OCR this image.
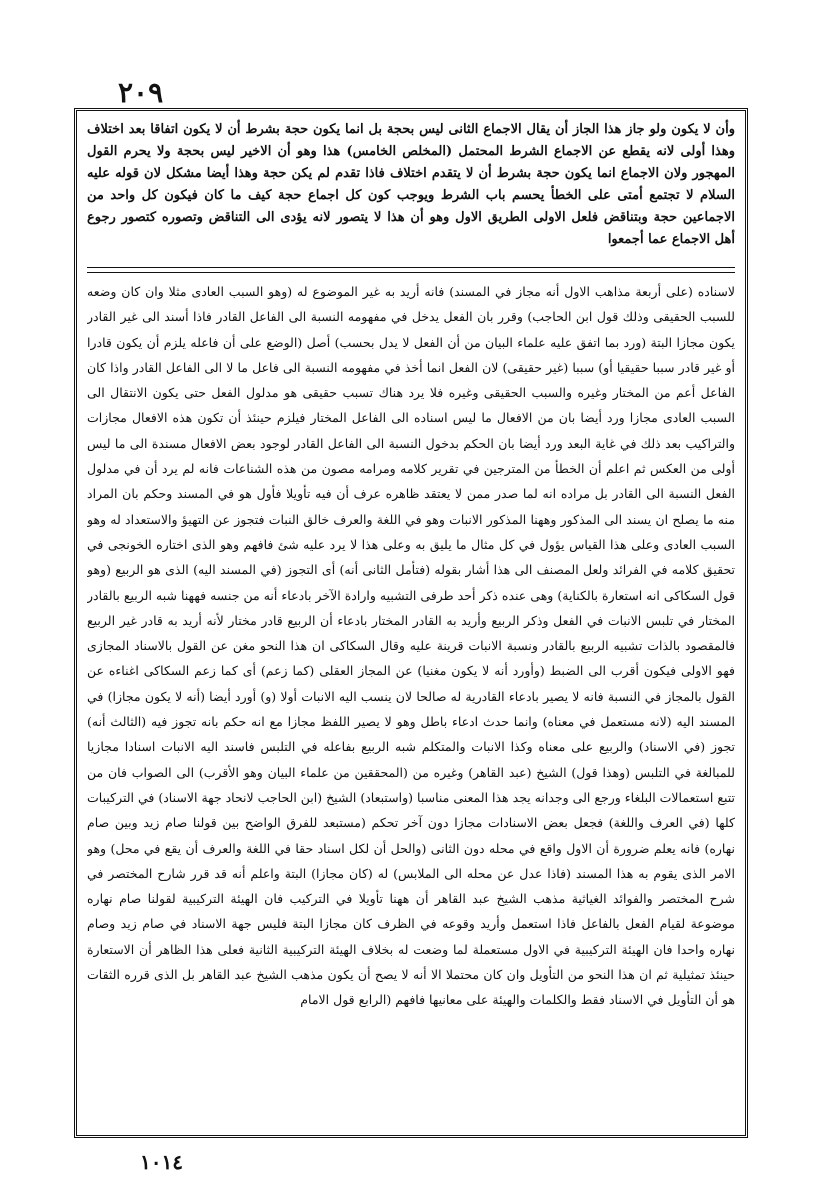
٢٠٩
وأن لا يكون ولو جاز هذا الجاز أن يقال الاجماع الثانى ليس بحجة بل انما يكون حجة بشرط أن لا يكون اتفاقا بعد اختلاف وهذا أولى لانه يقطع عن الاجماع الشرط المحتمل (المخلص الخامس) هذا وهو أن الاخير ليس بحجة ولا يحرم القول المهجور ولان الاجماع انما يكون حجة بشرط أن لا يتقدم اختلاف فاذا تقدم لم يكن حجة وهذا أيضا مشكل لان قوله عليه السلام لا تجتمع أمتى على الخطأ يحسم باب الشرط ويوجب كون كل اجماع حجة كيف ما كان فيكون كل واحد من الاجماعين حجة وبتناقض فلعل الاولى الطريق الاول وهو أن هذا لا يتصور لانه يؤدى الى التناقض وتصوره كتصور رجوع أهل الاجماع عما أجمعوا
لاسناده (على أربعة مذاهب الاول أنه مجاز في المسند) فانه أريد به غير الموضوع له (وهو السبب العادى مثلا وان كان وضعه للسبب الحقيقى وذلك قول ابن الحاجب) وقرر بان الفعل يدخل في مفهومه النسبة الى الفاعل القادر فاذا أسند الى غير القادر يكون مجازا البتة (ورد بما اتفق عليه علماء البيان من أن الفعل لا يدل بحسب) أصل (الوضع على أن فاعله يلزم أن يكون قادرا أو غير قادر سببا حقيقيا أو) سببا (غير حقيقى) لان الفعل انما أخذ في مفهومه النسبة الى فاعل ما لا الى الفاعل القادر واذا كان الفاعل أعم من المختار وغيره والسبب الحقيقى وغيره فلا يرد هناك تسبب حقيقى هو مدلول الفعل حتى يكون الانتقال الى السبب العادى مجازا ورد أيضا بان من الافعال ما ليس اسناده الى الفاعل المختار فيلزم حينئذ أن تكون هذه الافعال مجازات والتراكيب بعد ذلك في غاية البعد ورد أيضا بان الحكم بدخول النسبة الى الفاعل القادر لوجود بعض الافعال مسندة الى ما ليس أولى من العكس ثم اعلم أن الخطأ من المترجين في تقرير كلامه ومرامه مصون من هذه الشناعات فانه لم يرد أن في مدلول الفعل النسبة الى القادر بل مراده انه لما صدر ممن لا يعتقد ظاهره عرف أن فيه تأويلا فأول هو في المسند وحكم بان المراد منه ما يصلح ان يسند الى المذكور وههنا المذكور الانبات وهو في اللغة والعرف خالق النبات فتجوز عن التهيؤ والاستعداد له وهو السبب العادى وعلى هذا القياس يؤول في كل مثال ما يليق به وعلى هذا لا يرد عليه شئ فافهم وهو الذى اختاره الخونجى في تحقيق كلامه في الفرائد ولعل المصنف الى هذا أشار بقوله (فتأمل الثانى أنه) أى التجوز (في المسند اليه) الذى هو الربيع (وهو قول السكاكى انه استعارة بالكناية) وهى عنده ذكر أحد طرفى التشبيه وارادة الآخر بادعاء أنه من جنسه فههنا شبه الربيع بالقادر المختار في تلبس الانبات في الفعل وذكر الربيع وأريد به القادر المختار بادعاء أن الربيع قادر مختار لأنه أريد به قادر غير الربيع فالمقصود بالذات تشبيه الربيع بالقادر ونسبة الانبات قرينة عليه وقال السكاكى ان هذا النحو مغن عن القول بالاسناد المجازى فهو الاولى فيكون أقرب الى الضبط (وأورد أنه لا يكون مغنيا) عن المجاز العقلى (كما زعم) أى كما زعم السكاكى اغناءه عن القول بالمجاز في النسبة فانه لا يصير بادعاء القادرية له صالحا لان ينسب اليه الانبات أولا (و) أورد أيضا (أنه لا يكون مجازا) في المسند اليه (لانه مستعمل في معناه) وانما حدث ادعاء باطل وهو لا يصير اللفظ مجازا مع انه حكم بانه تجوز فيه (الثالث أنه) تجوز (في الاسناد) والربيع على معناه وكذا الانبات والمتكلم شبه الربيع بفاعله في التلبس فاسند اليه الانبات اسنادا مجازيا للمبالغة في التلبس (وهذا قول) الشيخ (عبد القاهر) وغيره من (المحققين من علماء البيان وهو الأقرب) الى الصواب فان من تتبع استعمالات البلغاء ورجع الى وجدانه يجد هذا المعنى مناسبا (واستبعاد) الشيخ (ابن الحاجب لانحاد جهة الاسناد) في التركيبات كلها (في العرف واللغة) فجعل بعض الاسنادات مجازا دون آخر تحكم (مستبعد للفرق الواضح بين قولنا صام زيد وبين صام نهاره) فانه يعلم ضرورة أن الاول واقع في محله دون الثانى (والحل أن لكل اسناد حقا في اللغة والعرف أن يقع في محل) وهو الامر الذى يقوم به هذا المسند (فاذا عدل عن محله الى الملابس) له (كان مجازا) البتة واعلم أنه قد قرر شارح المختصر في شرح المختصر والفوائد الغياثية مذهب الشيخ عبد القاهر أن ههنا تأويلا في التركيب فان الهيئة التركيبية لقولنا صام نهاره موضوعة لقيام الفعل بالفاعل فاذا استعمل وأريد وقوعه في الظرف كان مجازا البتة فليس جهة الاسناد في صام زيد وصام نهاره واحدا فان الهيئة التركيبية في الاول مستعملة لما وضعت له بخلاف الهيئة التركيبية الثانية فعلى هذا الظاهر أن الاستعارة حينئذ تمثيلية ثم ان هذا النحو من التأويل وان كان محتملا الا أنه لا يصح أن يكون مذهب الشيخ عبد القاهر بل الذى قرره الثقات هو أن التأويل في الاسناد فقط والكلمات والهيئة على معانيها فافهم (الرابع قول الامام
١٠١٤
